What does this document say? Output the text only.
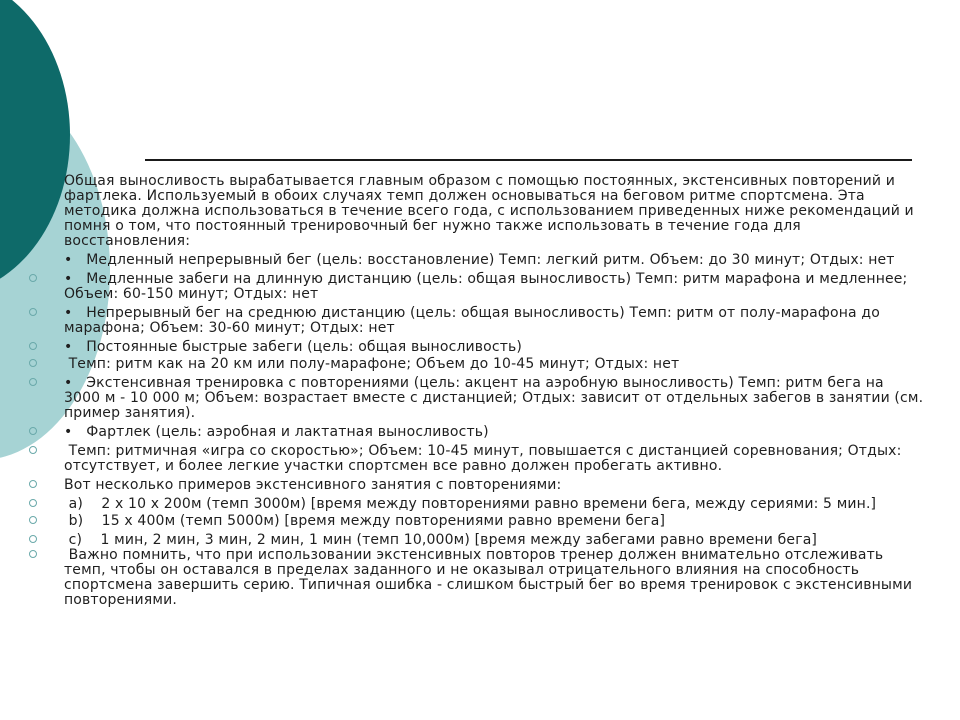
Общая выносливость вырабатывается главным образом с помощью постоянных, экстенсивных повторений и фартлека. Используемый в обоих случаях темп должен основываться на беговом ритме спортсмена. Эта методика должна использоваться в течение всего года, с использованием приведенных ниже рекомендаций и помня о том, что постоянный тренировочный бег нужно также использовать в течение года для восстановления:

•   Медленный непрерывный бег (цель: восстановление) Темп: легкий ритм. Объем: до 30 минут; Отдых: нет
•   Медленные забеги на длинную дистанцию (цель: общая выносливость) Темп: ритм марафона и медленнее; Объем: 60-150 минут; Отдых: нет
•   Непрерывный бег на среднюю дистанцию (цель: общая выносливость) Темп: ритм от полу-марафона до марафона; Объем: 30-60 минут; Отдых: нет
•   Постоянные быстрые забеги (цель: общая выносливость)
Темп: ритм как на 20 км или полу-марафоне; Объем до 10-45 минут; Отдых: нет
•   Экстенсивная тренировка с повторениями (цель: акцент на аэробную выносливость) Темп: ритм бега на 3000 м - 10 000 м; Объем: возрастает вместе с дистанцией; Отдых: зависит от отдельных забегов в занятии (см. пример занятия).
•   Фартлек (цель: аэробная и лактатная выносливость)
Темп: ритмичная «игра со скоростью»; Объем: 10-45 минут, повышается с дистанцией соревнования; Отдых: отсутствует, и более легкие участки спортсмен все равно должен пробегать активно.
Вот несколько примеров экстенсивного занятия с повторениями:
а)    2 x 10 x 200м (темп 3000м) [время между повторениями равно времени бега, между сериями: 5 мин.]
b)    15 x 400м (темп 5000м) [время между повторениями равно времени бега]
c)    1 мин, 2 мин, 3 мин, 2 мин, 1 мин (темп 10,000м) [время между забегами равно времени бега]
Важно помнить, что при использовании экстенсивных повторов тренер должен внимательно отслеживать темп, чтобы он оставался в пределах заданного и не оказывал отрицательного влияния на способность спортсмена завершить серию. Типичная ошибка - слишком быстрый бег во время тренировок с экстенсивными повторениями.
